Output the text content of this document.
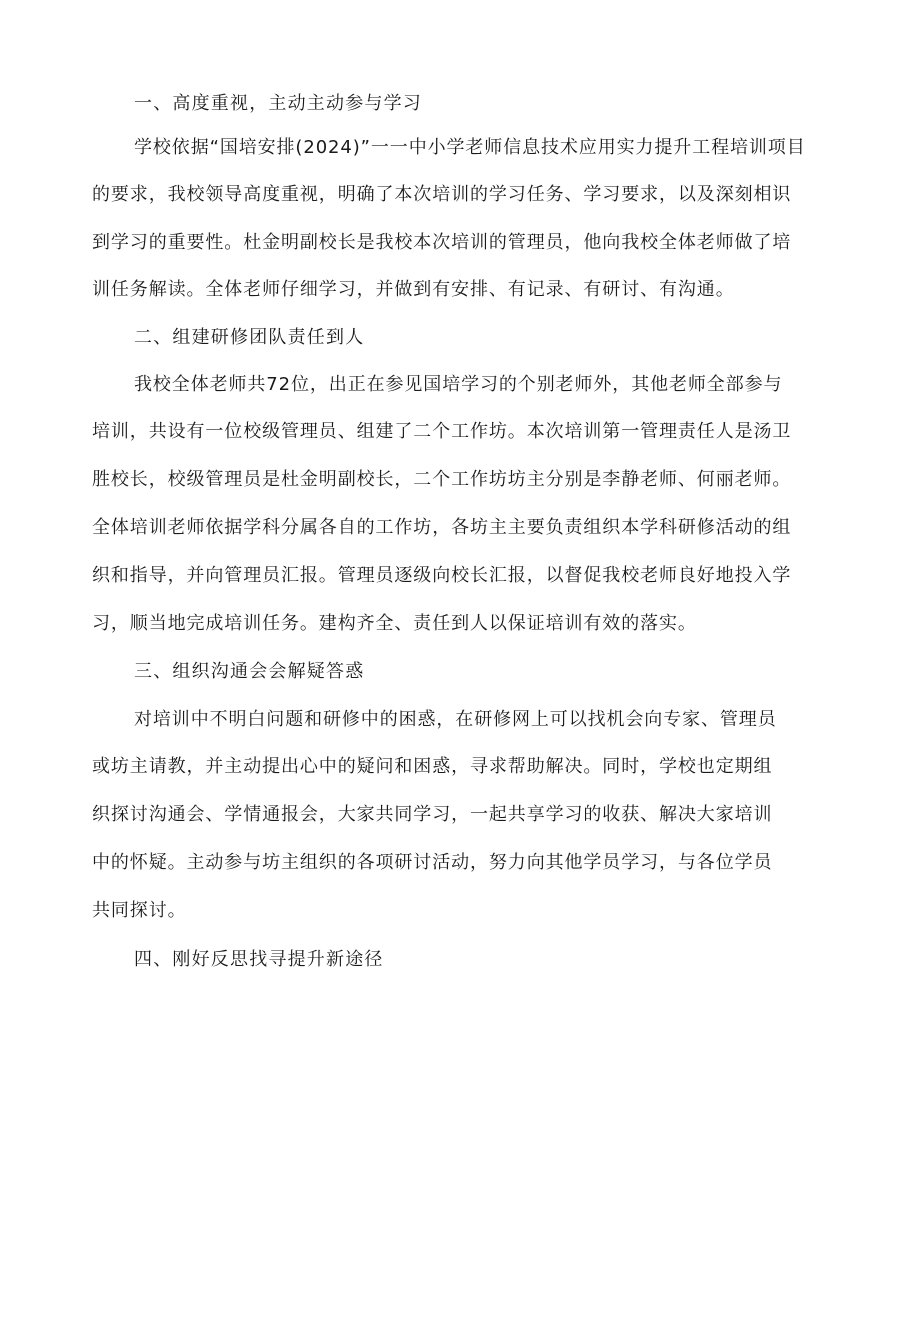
一、高度重视，主动主动参与学习
学校依据“国培安排(2024)”一一中小学老师信息技术应用实力提升工程培训项目
的要求，我校领导高度重视，明确了本次培训的学习任务、学习要求，以及深刻相识
到学习的重要性。杜金明副校长是我校本次培训的管理员，他向我校全体老师做了培
训任务解读。全体老师仔细学习，并做到有安排、有记录、有研讨、有沟通。
二、组建研修团队责任到人
我校全体老师共72位，出正在参见国培学习的个别老师外，其他老师全部参与
培训，共设有一位校级管理员、组建了二个工作坊。本次培训第一管理责任人是汤卫
胜校长，校级管理员是杜金明副校长，二个工作坊坊主分别是李静老师、何丽老师。
全体培训老师依据学科分属各自的工作坊，各坊主主要负责组织本学科研修活动的组
织和指导，并向管理员汇报。管理员逐级向校长汇报，以督促我校老师良好地投入学
习，顺当地完成培训任务。建构齐全、责任到人以保证培训有效的落实。
三、组织沟通会会解疑答惑
对培训中不明白问题和研修中的困惑，在研修网上可以找机会向专家、管理员
或坊主请教，并主动提出心中的疑问和困惑，寻求帮助解决。同时，学校也定期组
织探讨沟通会、学情通报会，大家共同学习，一起共享学习的收获、解决大家培训
中的怀疑。主动参与坊主组织的各项研讨活动，努力向其他学员学习，与各位学员
共同探讨。
四、刚好反思找寻提升新途径
